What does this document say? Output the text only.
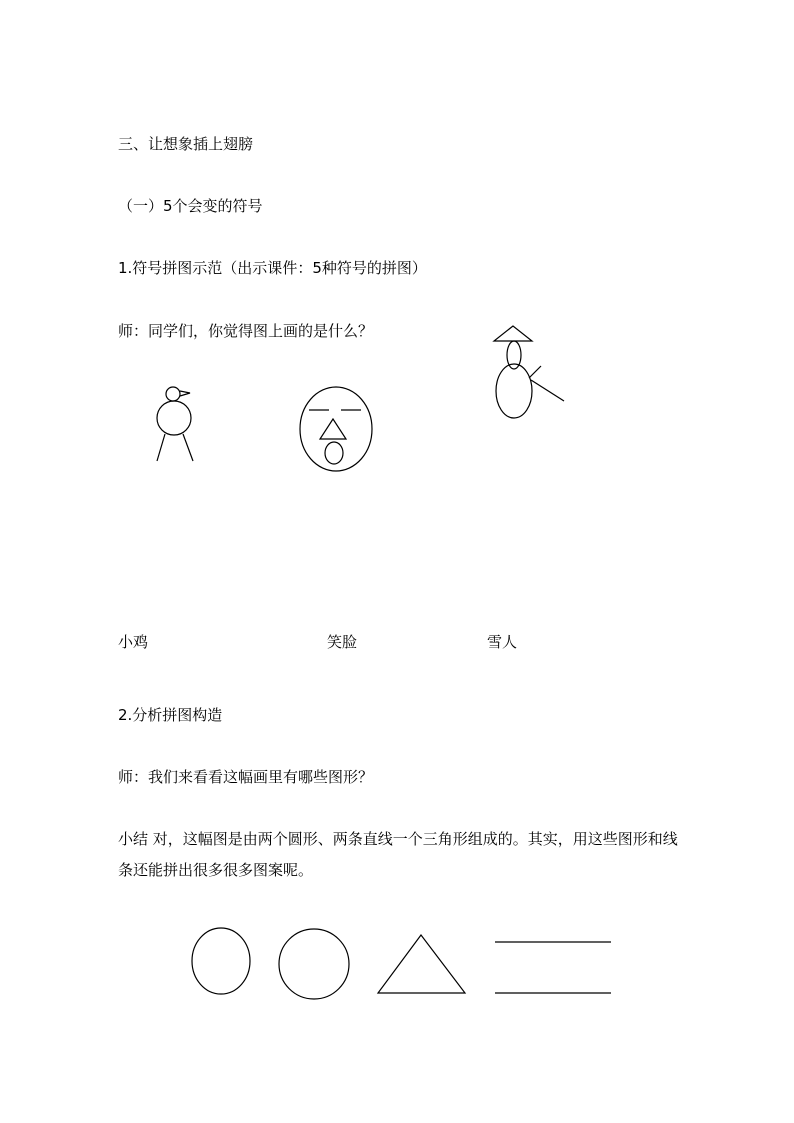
三、让想象插上翅膀
（一）5个会变的符号
1.符号拼图示范（出示课件：5种符号的拼图）
师：同学们，你觉得图上画的是什么？
小鸡	笑脸	雪人
2.分析拼图构造
师：我们来看看这幅画里有哪些图形？
小结 对，这幅图是由两个圆形、两条直线一个三角形组成的。其实，用这些图形和线条还能拼出很多很多图案呢。
